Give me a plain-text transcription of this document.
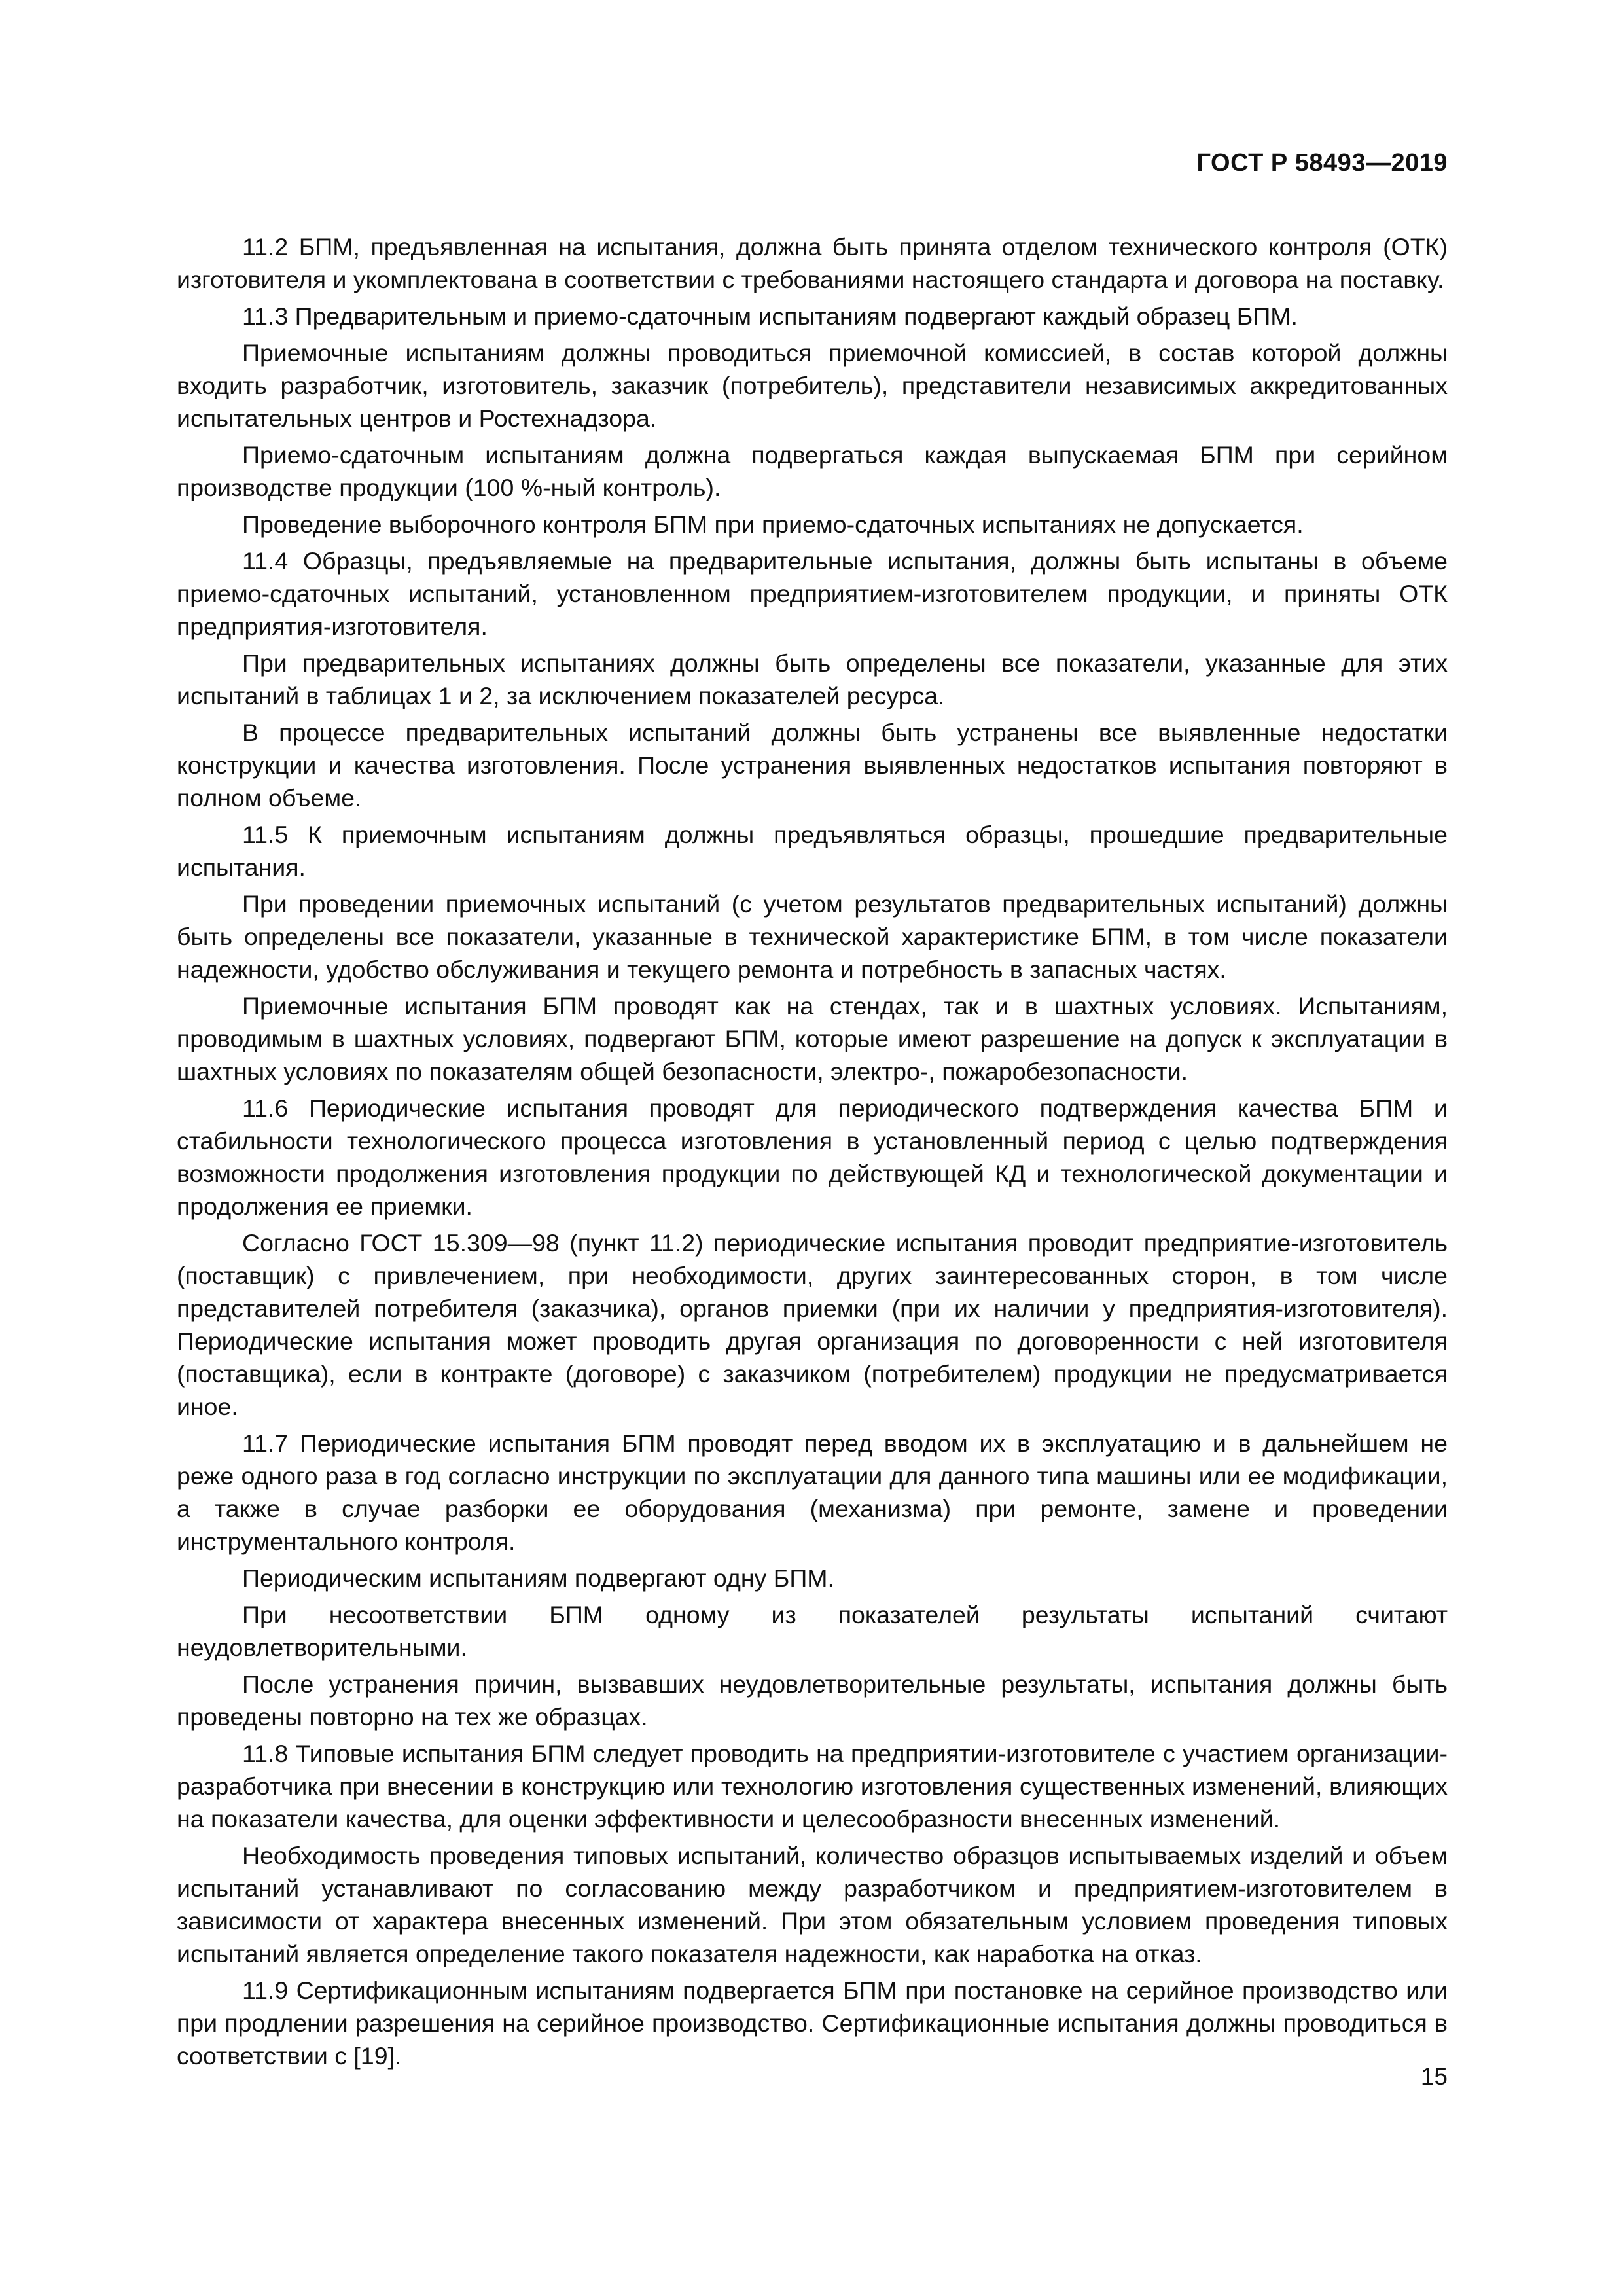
ГОСТ Р 58493—2019

11.2 БПМ, предъявленная на испытания, должна быть принята отделом технического контроля (ОТК) изготовителя и укомплектована в соответствии с требованиями настоящего стандарта и договора на поставку.

11.3 Предварительным и приемо-сдаточным испытаниям подвергают каждый образец БПМ.

Приемочные испытаниям должны проводиться приемочной комиссией, в состав которой должны входить разработчик, изготовитель, заказчик (потребитель), представители независимых аккредитованных испытательных центров и Ростехнадзора.

Приемо-сдаточным испытаниям должна подвергаться каждая выпускаемая БПМ при серийном производстве продукции (100 %-ный контроль).

Проведение выборочного контроля БПМ при приемо-сдаточных испытаниях не допускается.

11.4 Образцы, предъявляемые на предварительные испытания, должны быть испытаны в объеме приемо-сдаточных испытаний, установленном предприятием-изготовителем продукции, и приняты ОТК предприятия-изготовителя.

При предварительных испытаниях должны быть определены все показатели, указанные для этих испытаний в таблицах 1 и 2, за исключением показателей ресурса.

В процессе предварительных испытаний должны быть устранены все выявленные недостатки конструкции и качества изготовления. После устранения выявленных недостатков испытания повторяют в полном объеме.

11.5 К приемочным испытаниям должны предъявляться образцы, прошедшие предварительные испытания.

При проведении приемочных испытаний (с учетом результатов предварительных испытаний) должны быть определены все показатели, указанные в технической характеристике БПМ, в том числе показатели надежности, удобство обслуживания и текущего ремонта и потребность в запасных частях.

Приемочные испытания БПМ проводят как на стендах, так и в шахтных условиях. Испытаниям, проводимым в шахтных условиях, подвергают БПМ, которые имеют разрешение на допуск к эксплуатации в шахтных условиях по показателям общей безопасности, электро-, пожаробезопасности.

11.6 Периодические испытания проводят для периодического подтверждения качества БПМ и стабильности технологического процесса изготовления в установленный период с целью подтверждения возможности продолжения изготовления продукции по действующей КД и технологической документации и продолжения ее приемки.

Согласно ГОСТ 15.309—98 (пункт 11.2) периодические испытания проводит предприятие-изготовитель (поставщик) с привлечением, при необходимости, других заинтересованных сторон, в том числе представителей потребителя (заказчика), органов приемки (при их наличии у предприятия-изготовителя). Периодические испытания может проводить другая организация по договоренности с ней изготовителя (поставщика), если в контракте (договоре) с заказчиком (потребителем) продукции не предусматривается иное.

11.7 Периодические испытания БПМ проводят перед вводом их в эксплуатацию и в дальнейшем не реже одного раза в год согласно инструкции по эксплуатации для данного типа машины или ее модификации, а также в случае разборки ее оборудования (механизма) при ремонте, замене и проведении инструментального контроля.

Периодическим испытаниям подвергают одну БПМ.

При несоответствии БПМ одному из показателей результаты испытаний считают неудовлетворительными.

После устранения причин, вызвавших неудовлетворительные результаты, испытания должны быть проведены повторно на тех же образцах.

11.8 Типовые испытания БПМ следует проводить на предприятии-изготовителе с участием организации-разработчика при внесении в конструкцию или технологию изготовления существенных изменений, влияющих на показатели качества, для оценки эффективности и целесообразности внесенных изменений.

Необходимость проведения типовых испытаний, количество образцов испытываемых изделий и объем испытаний устанавливают по согласованию между разработчиком и предприятием-изготовителем в зависимости от характера внесенных изменений. При этом обязательным условием проведения типовых испытаний является определение такого показателя надежности, как наработка на отказ.

11.9 Сертификационным испытаниям подвергается БПМ при постановке на серийное производство или при продлении разрешения на серийное производство. Сертификационные испытания должны проводиться в соответствии с [19].

15
